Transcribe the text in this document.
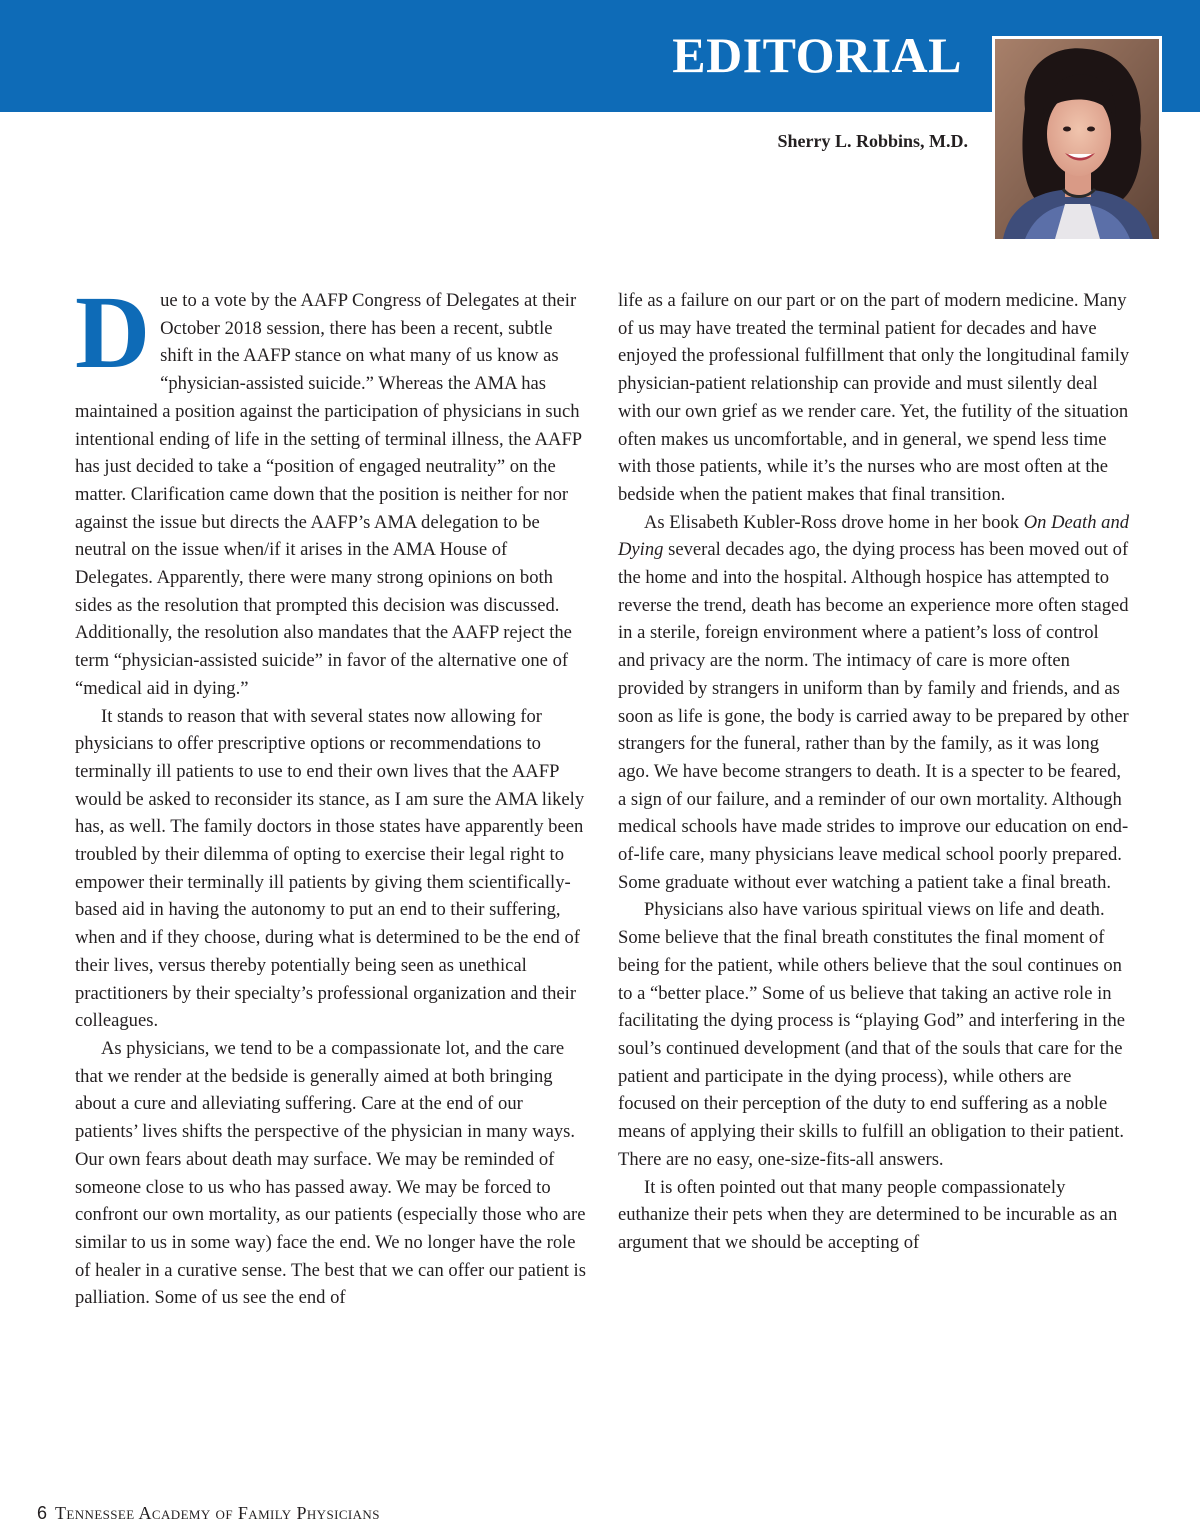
EDITORIAL
Sherry L. Robbins, M.D.

Due to a vote by the AAFP Congress of Delegates at their October 2018 session, there has been a recent, subtle shift in the AAFP stance on what many of us know as “physician-assisted suicide.” Whereas the AMA has maintained a position against the participation of physicians in such intentional ending of life in the setting of terminal illness, the AAFP has just decided to take a “position of engaged neutrality” on the matter. Clarification came down that the position is neither for nor against the issue but directs the AAFP’s AMA delegation to be neutral on the issue when/if it arises in the AMA House of Delegates. Apparently, there were many strong opinions on both sides as the resolution that prompted this decision was discussed. Additionally, the resolution also mandates that the AAFP reject the term “physician-assisted suicide” in favor of the alternative one of “medical aid in dying.”

It stands to reason that with several states now allowing for physicians to offer prescriptive options or recommendations to terminally ill patients to use to end their own lives that the AAFP would be asked to reconsider its stance, as I am sure the AMA likely has, as well. The family doctors in those states have apparently been troubled by their dilemma of opting to exercise their legal right to empower their terminally ill patients by giving them scientifically-based aid in having the autonomy to put an end to their suffering, when and if they choose, during what is determined to be the end of their lives, versus thereby potentially being seen as unethical practitioners by their specialty’s professional organization and their colleagues.

As physicians, we tend to be a compassionate lot, and the care that we render at the bedside is generally aimed at both bringing about a cure and alleviating suffering. Care at the end of our patients’ lives shifts the perspective of the physician in many ways. Our own fears about death may surface. We may be reminded of someone close to us who has passed away. We may be forced to confront our own mortality, as our patients (especially those who are similar to us in some way) face the end. We no longer have the role of healer in a curative sense. The best that we can offer our patient is palliation. Some of us see the end of

life as a failure on our part or on the part of modern medicine. Many of us may have treated the terminal patient for decades and have enjoyed the professional fulfillment that only the longitudinal family physician-patient relationship can provide and must silently deal with our own grief as we render care. Yet, the futility of the situation often makes us uncomfortable, and in general, we spend less time with those patients, while it’s the nurses who are most often at the bedside when the patient makes that final transition.

As Elisabeth Kubler-Ross drove home in her book On Death and Dying several decades ago, the dying process has been moved out of the home and into the hospital. Although hospice has attempted to reverse the trend, death has become an experience more often staged in a sterile, foreign environment where a patient’s loss of control and privacy are the norm. The intimacy of care is more often provided by strangers in uniform than by family and friends, and as soon as life is gone, the body is carried away to be prepared by other strangers for the funeral, rather than by the family, as it was long ago. We have become strangers to death. It is a specter to be feared, a sign of our failure, and a reminder of our own mortality. Although medical schools have made strides to improve our education on end-of-life care, many physicians leave medical school poorly prepared. Some graduate without ever watching a patient take a final breath.

Physicians also have various spiritual views on life and death. Some believe that the final breath constitutes the final moment of being for the patient, while others believe that the soul continues on to a “better place.” Some of us believe that taking an active role in facilitating the dying process is “playing God” and interfering in the soul’s continued development (and that of the souls that care for the patient and participate in the dying process), while others are focused on their perception of the duty to end suffering as a noble means of applying their skills to fulfill an obligation to their patient. There are no easy, one-size-fits-all answers.

It is often pointed out that many people compassionately euthanize their pets when they are determined to be incurable as an argument that we should be accepting of

6 Tennessee Academy of Family Physicians
